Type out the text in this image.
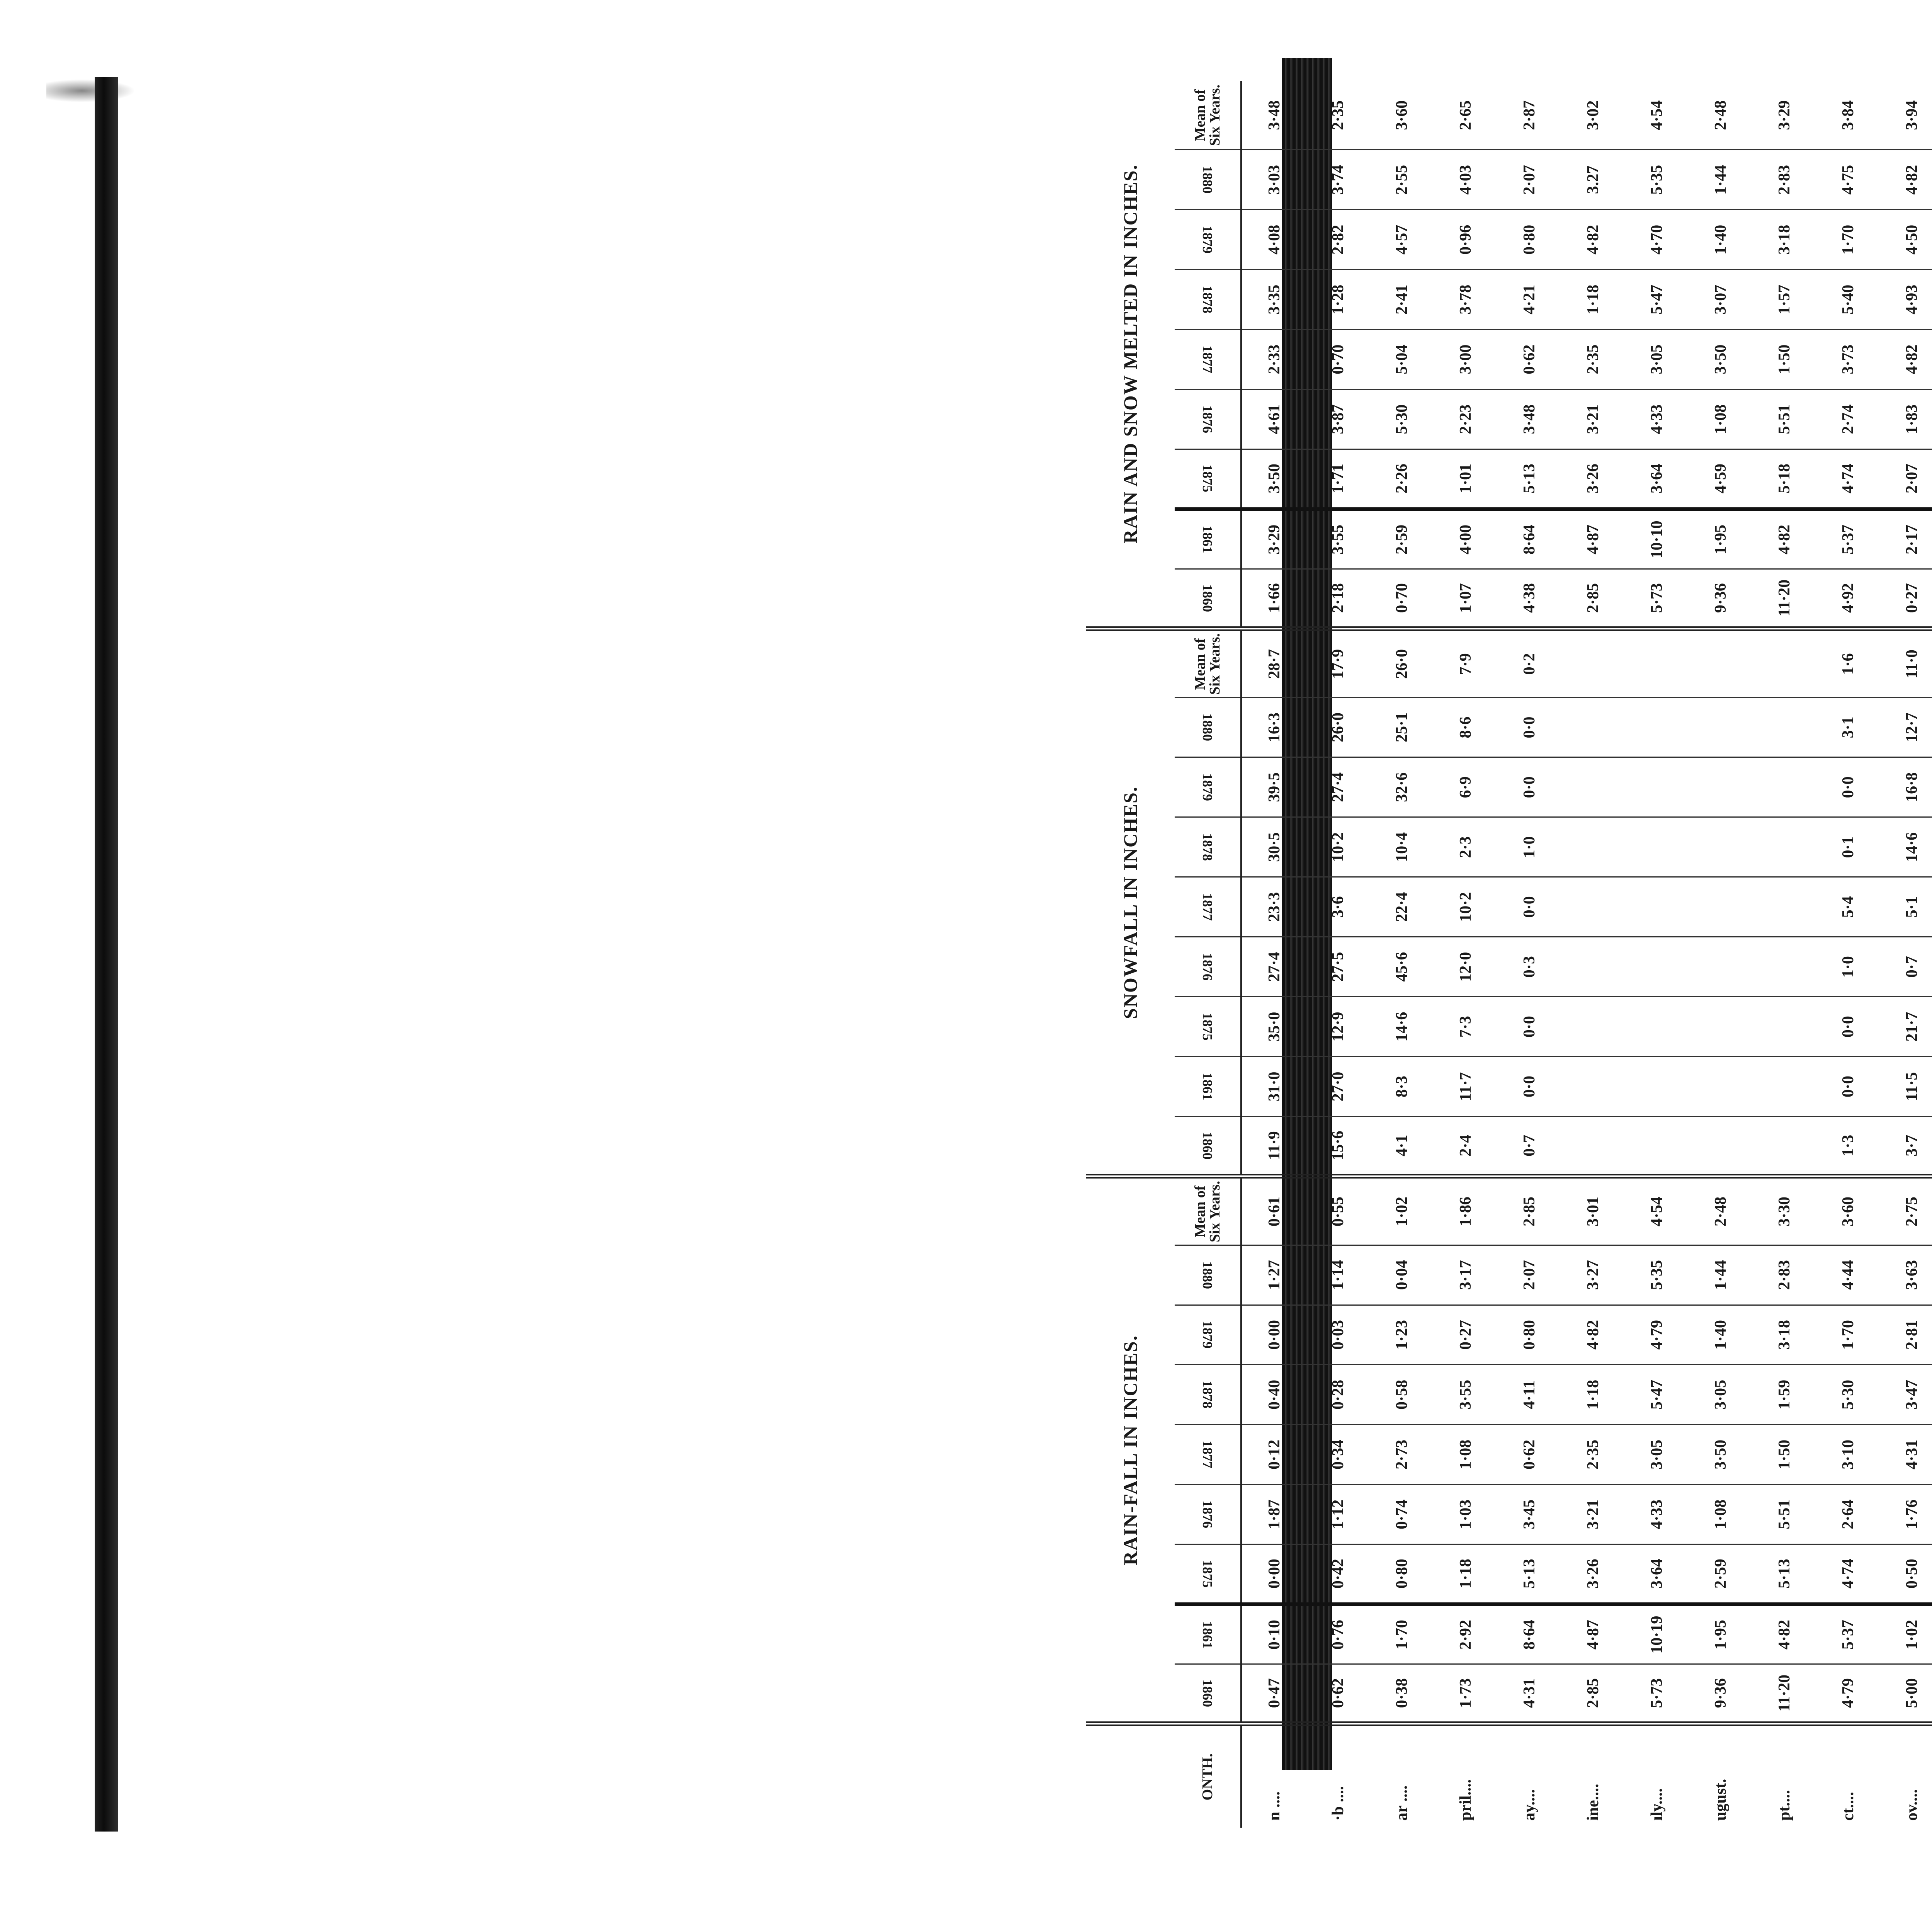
	RAIN-FALL IN INCHES.									SNOWFALL IN INCHES.									RAIN AND SNOW MELTED IN INCHES.								
ONTH.	1860	1861	1875	1876	1877	1878	1879	1880	Mean of Six Years.	1860	1861	1875	1876	1877	1878	1879	1880	Mean of Six Years.	1860	1861	1875	1876	1877	1878	1879	1880	Mean of Six Years.
n ....	0·47	0·10	0·00	1·87	0·12	0·40	0·00	1·27	0·61	11·9	31·0	35·0	27·4	23·3	30·5	39·5	16·3	28·7	1·66	3·29	3·50	4·61	2·33	3·35	4·08	3·03	3·48
·b ....	0·62	0·76	0·42	1·12	0·34	0·28	0·03	1·14	0·55	15·6	27·0	12·9	27·5	3·6	10·2	27·4	26·0	17·9	2·18	3·55	1·71	3·87	0·70	1·28	2·82	3·74	2·35
ar ....	0·38	1·70	0·80	0·74	2·73	0·58	1·23	0·04	1·02	4·1	8·3	14·6	45·6	22·4	10·4	32·6	25·1	26·0	0·70	2·59	2·26	5·30	5·04	2·41	4·57	2·55	3·60
pril....	1·73	2·92	1·18	1·03	1·08	3·55	0·27	3·17	1·86	2·4	11·7	7·3	12·0	10·2	2·3	6·9	8·6	7·9	1·07	4·00	1·01	2·23	3·00	3·78	0·96	4·03	2·65
ay....	4·31	8·64	5·13	3·45	0·62	4·11	0·80	2·07	2·85	0·7	0·0	0·0	0·3	0·0	1·0	0·0	0·0	0·2	4·38	8·64	5·13	3·48	0·62	4·21	0·80	2·07	2·87
ine....	2·85	4·87	3·26	3·21	2·35	1·18	4·82	3·27	3·01										2·85	4·87	3·26	3·21	2·35	1·18	4·82	3.27	3·02
ıly....	5·73	10·19	3·64	4·33	3·05	5·47	4·79	5·35	4·54										5·73	10·10	3·64	4·33	3·05	5·47	4·70	5·35	4·54
ugust.	9·36	1·95	2·59	1·08	3·50	3·05	1·40	1·44	2·48										9·36	1·95	4·59	1·08	3·50	3·07	1·40	1·44	2·48
pt....	11·20	4·82	5·13	5·51	1·50	1·59	3·18	2·83	3·30										11·20	4·82	5·18	5·51	1·50	1·57	3·18	2·83	3·29
ct....	4·79	5·37	4·74	2·64	3·10	5·30	1·70	4·44	3·60	1·3	0·0	0·0	1·0	5·4	0·1	0·0	3·1	1·6	4·92	5·37	4·74	2·74	3·73	5·40	1·70	4·75	3·84
ov....	5·00	1·02	0·50	1·76	4·31	3·47	2·81	3·63	2·75	3·7	11·5	21·7	0·7	5·1	14·6	16·8	12·7	11·0	0·27	2·17	2·07	1·83	4·82	4·93	4·50	4·82	3·94
